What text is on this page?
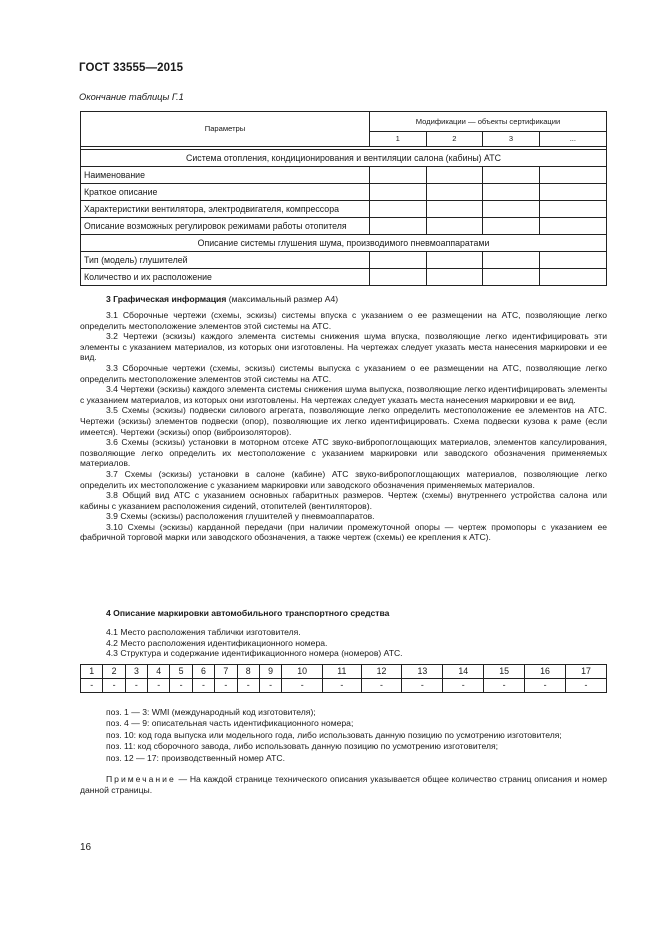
ГОСТ 33555—2015
Окончание таблицы Г.1
Параметры	Модификации — объекты сертификации			
	1	2	3	...

Система отопления, кондиционирования и вентиляции салона (кабины) АТС				
Наименование				
Краткое описание				
Характеристики вентилятора, электродвигателя, компрессора				
Описание возможных регулировок режимами работы отопителя				
Описание системы глушения шума, производимого пневмоаппаратами				
Тип (модель) глушителей				
Количество и их расположение				
3 Графическая информация (максимальный размер А4)

3.1 Сборочные чертежи (схемы, эскизы) системы впуска с указанием о ее размещении на АТС, позволяющие легко определить местоположение элементов этой системы на АТС.

3.2 Чертежи (эскизы) каждого элемента системы снижения шума впуска, позволяющие легко идентифицировать эти элементы с указанием материалов, из которых они изготовлены. На чертежах следует указать места нанесения маркировки и ее вид.

3.3 Сборочные чертежи (схемы, эскизы) системы выпуска с указанием о ее размещении на АТС, позволяющие легко определить местоположение элементов этой системы на АТС.

3.4 Чертежи (эскизы) каждого элемента системы снижения шума выпуска, позволяющие легко идентифицировать элементы с указанием материалов, из которых они изготовлены. На чертежах следует указать места нанесения маркировки и ее вид.

3.5 Схемы (эскизы) подвески силового агрегата, позволяющие легко определить местоположение ее элементов на АТС. Чертежи (эскизы) элементов подвески (опор), позволяющие их легко идентифицировать. Схема подвески кузова к раме (если имеется). Чертежи (эскизы) опор (виброизоляторов).

3.6 Схемы (эскизы) установки в моторном отсеке АТС звуко-вибропоглощающих материалов, элементов капсулирования, позволяющие легко определить их местоположение с указанием маркировки или заводского обозначения применяемых материалов.

3.7 Схемы (эскизы) установки в салоне (кабине) АТС звуко-вибропоглощающих материалов, позволяющие легко определить их местоположение с указанием маркировки или заводского обозначения применяемых материалов.

3.8 Общий вид АТС с указанием основных габаритных размеров. Чертеж (схемы) внутреннего устройства салона или кабины с указанием расположения сидений, отопителей (вентиляторов).

3.9 Схемы (эскизы) расположения глушителей у пневмоаппаратов.

3.10 Схемы (эскизы) карданной передачи (при наличии промежуточной опоры — чертеж промопоры с указанием ее фабричной торговой марки или заводского обозначения, а также чертеж (схемы) ее крепления к АТС).

4 Описание маркировки автомобильного транспортного средства

4.1 Место расположения таблички изготовителя.

4.2 Место расположения идентификационного номера.

4.3 Структура и содержание идентификационного номера (номеров) АТС.

1	2	3	4	5	6	7	8	9	10	11	12	13	14	15	16	17
-	-	-	-	-	-	-	-	-	-	-	-	-	-	-	-	-

поз. 1 — 3: WMI (международный код изготовителя);

поз. 4 — 9: описательная часть идентификационного номера;

поз. 10: код года выпуска или модельного года, либо использовать данную позицию по усмотрению изготовителя;

поз. 11: код сборочного завода, либо использовать данную позицию по усмотрению изготовителя;

поз. 12 — 17: производственный номер АТС.

Примечание — На каждой странице технического описания указывается общее количество страниц описания и номер данной страницы.

16
